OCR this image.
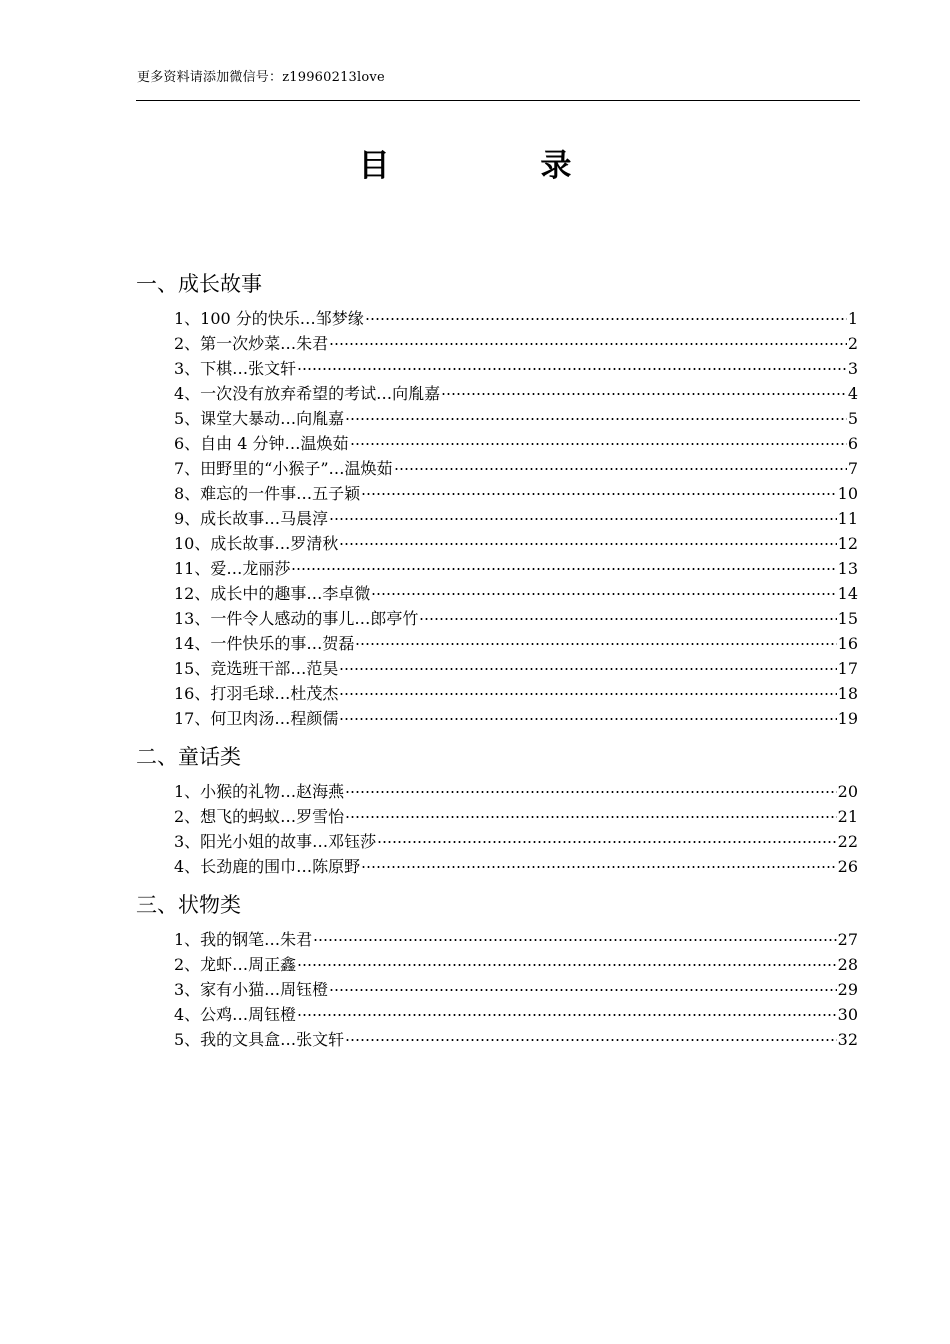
更多资料请添加微信号：z19960213love
目 录
一、成长故事
1、100 分的快乐…邹梦缘	1
2、第一次炒菜…朱君	2
3、下棋…张文轩	3
4、一次没有放弃希望的考试…向胤嘉	4
5、课堂大暴动…向胤嘉	5
6、自由 4 分钟…温焕茹	6
7、田野里的“小猴子”…温焕茹	7
8、难忘的一件事…五子颖	10
9、成长故事…马晨淳	11
10、成长故事…罗清秋	12
11、爱…龙丽莎	13
12、成长中的趣事…李卓微	14
13、一件令人感动的事儿…郎亭竹	15
14、一件快乐的事…贺磊	16
15、竞选班干部…范昊	17
16、打羽毛球…杜茂杰	18
17、何卫肉汤…程颜儒	19
二、童话类
1、小猴的礼物…赵海燕	20
2、想飞的蚂蚁…罗雪怡	21
3、阳光小姐的故事…邓钰莎	22
4、长劲鹿的围巾…陈原野	26
三、状物类
1、我的钢笔…朱君	27
2、龙虾…周正鑫	28
3、家有小猫…周钰橙	29
4、公鸡…周钰橙	30
5、我的文具盒…张文轩	32
